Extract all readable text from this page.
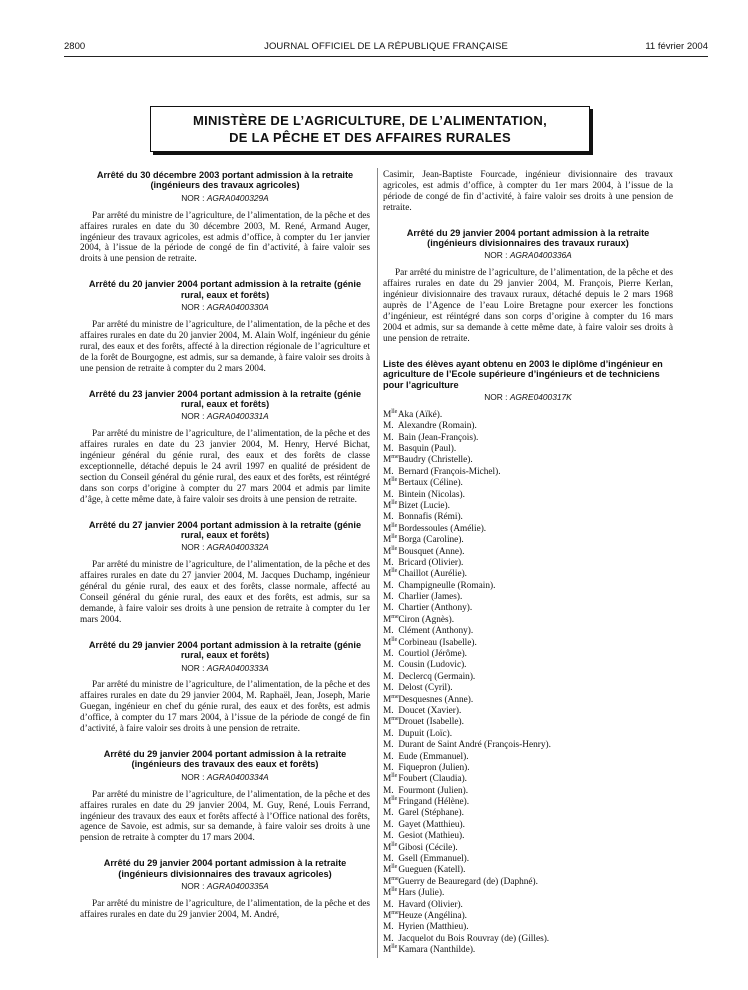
2800	JOURNAL OFFICIEL DE LA RÉPUBLIQUE FRANÇAISE	11 février 2004
MINISTÈRE DE L’AGRICULTURE, DE L’ALIMENTATION,
DE LA PÊCHE ET DES AFFAIRES RURALES
Arrêté du 30 décembre 2003 portant admission à la retraite (ingénieurs des travaux agricoles)
NOR : AGRA0400329A

Par arrêté du ministre de l’agriculture, de l’alimentation, de la pêche et des affaires rurales en date du 30 décembre 2003, M. René, Armand Auger, ingénieur des travaux agricoles, est admis d’office, à compter du 1er janvier 2004, à l’issue de la période de congé de fin d’activité, à faire valoir ses droits à une pension de retraite.

Arrêté du 20 janvier 2004 portant admission à la retraite (génie rural, eaux et forêts)
NOR : AGRA0400330A

Par arrêté du ministre de l’agriculture, de l’alimentation, de la pêche et des affaires rurales en date du 20 janvier 2004, M. Alain Wolf, ingénieur du génie rural, des eaux et des forêts, affecté à la direction régionale de l’agriculture et de la forêt de Bourgogne, est admis, sur sa demande, à faire valoir ses droits à une pension de retraite à compter du 2 mars 2004.

Arrêté du 23 janvier 2004 portant admission à la retraite (génie rural, eaux et forêts)
NOR : AGRA0400331A

Par arrêté du ministre de l’agriculture, de l’alimentation, de la pêche et des affaires rurales en date du 23 janvier 2004, M. Henry, Hervé Bichat, ingénieur général du génie rural, des eaux et des forêts de classe exceptionnelle, détaché depuis le 24 avril 1997 en qualité de président de section du Conseil général du génie rural, des eaux et des forêts, est réintégré dans son corps d’origine à compter du 27 mars 2004 et admis par limite d’âge, à cette même date, à faire valoir ses droits à une pension de retraite.

Arrêté du 27 janvier 2004 portant admission à la retraite (génie rural, eaux et forêts)
NOR : AGRA0400332A

Par arrêté du ministre de l’agriculture, de l’alimentation, de la pêche et des affaires rurales en date du 27 janvier 2004, M. Jacques Duchamp, ingénieur général du génie rural, des eaux et des forêts, classe normale, affecté au Conseil général du génie rural, des eaux et des forêts, est admis, sur sa demande, à faire valoir ses droits à une pension de retraite à compter du 1er mars 2004.

Arrêté du 29 janvier 2004 portant admission à la retraite (génie rural, eaux et forêts)
NOR : AGRA0400333A

Par arrêté du ministre de l’agriculture, de l’alimentation, de la pêche et des affaires rurales en date du 29 janvier 2004, M. Raphaël, Jean, Joseph, Marie Guegan, ingénieur en chef du génie rural, des eaux et des forêts, est admis d’office, à compter du 17 mars 2004, à l’issue de la période de congé de fin d’activité, à faire valoir ses droits à une pension de retraite.

Arrêté du 29 janvier 2004 portant admission à la retraite (ingénieurs des travaux des eaux et forêts)
NOR : AGRA0400334A

Par arrêté du ministre de l’agriculture, de l’alimentation, de la pêche et des affaires rurales en date du 29 janvier 2004, M. Guy, René, Louis Ferrand, ingénieur des travaux des eaux et forêts affecté à l’Office national des forêts, agence de Savoie, est admis, sur sa demande, à faire valoir ses droits à une pension de retraite à compter du 17 mars 2004.

Arrêté du 29 janvier 2004 portant admission à la retraite (ingénieurs divisionnaires des travaux agricoles)
NOR : AGRA0400335A

Par arrêté du ministre de l’agriculture, de l’alimentation, de la pêche et des affaires rurales en date du 29 janvier 2004, M. André,

Casimir, Jean-Baptiste Fourcade, ingénieur divisionnaire des travaux agricoles, est admis d’office, à compter du 1er mars 2004, à l’issue de la période de congé de fin d’activité, à faire valoir ses droits à une pension de retraite.

Arrêté du 29 janvier 2004 portant admission à la retraite (ingénieurs divisionnaires des travaux ruraux)
NOR : AGRA0400336A

Par arrêté du ministre de l’agriculture, de l’alimentation, de la pêche et des affaires rurales en date du 29 janvier 2004, M. François, Pierre Kerlan, ingénieur divisionnaire des travaux ruraux, détaché depuis le 2 mars 1968 auprès de l’Agence de l’eau Loire Bretagne pour exercer les fonctions d’ingénieur, est réintégré dans son corps d’origine à compter du 16 mars 2004 et admis, sur sa demande à cette même date, à faire valoir ses droits à une pension de retraite.

Liste des élèves ayant obtenu en 2003 le diplôme d’ingénieur en agriculture de l’Ecole supérieure d’ingénieurs et de techniciens pour l’agriculture
NOR : AGRE0400317K
$M^{lle}$ Aka (Aïké).
M. Alexandre (Romain).
M. Bain (Jean-François).
M. Basquin (Paul).
$M^{me}$ Baudry (Christelle).
M. Bernard (François-Michel).
$M^{lle}$ Bertaux (Céline).
M. Bintein (Nicolas).
$M^{lle}$ Bizet (Lucie).
M. Bonnafis (Rémi).
$M^{lle}$ Bordessoules (Amélie).
$M^{lle}$ Borga (Caroline).
$M^{lle}$ Bousquet (Anne).
M. Bricard (Olivier).
$M^{lle}$ Chaillot (Aurélie).
M. Champigneulle (Romain).
M. Charlier (James).
M. Chartier (Anthony).
$M^{me}$ Ciron (Agnès).
M. Clément (Anthony).
$M^{lle}$ Corbineau (Isabelle).
M. Courtiol (Jérôme).
M. Cousin (Ludovic).
M. Declercq (Germain).
M. Delost (Cyril).
$M^{me}$ Desquesnes (Anne).
M. Doucet (Xavier).
$M^{me}$ Drouet (Isabelle).
M. Dupuit (Loïc).
M. Durant de Saint André (François-Henry).
M. Eude (Emmanuel).
M. Fiquepron (Julien).
$M^{lle}$ Foubert (Claudia).
M. Fourmont (Julien).
$M^{lle}$ Fringand (Hélène).
M. Garel (Stéphane).
M. Gayet (Matthieu).
M. Gesiot (Mathieu).
$M^{lle}$ Gibosi (Cécile).
M. Gsell (Emmanuel).
$M^{lle}$ Gueguen (Katell).
$M^{me}$ Guerry de Beauregard (de) (Daphné).
$M^{lle}$ Hars (Julie).
M. Havard (Olivier).
$M^{me}$ Heuze (Angélina).
M. Hyrien (Matthieu).
M. Jacquelot du Bois Rouvray (de) (Gilles).
$M^{lle}$ Kamara (Nanthilde).
